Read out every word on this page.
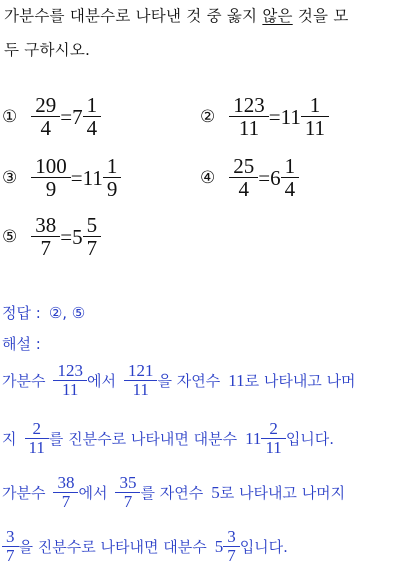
가분수를 대분수로 나타낸 것 중 옳지 않은 것을 모
두 구하시오.
① $\frac{29}{4} = 7 \frac{1}{4}$	② $\frac{123}{11} = 11 \frac{1}{11}$
③ $\frac{100}{9} = 11 \frac{1}{9}$	④ $\frac{25}{4} = 6 \frac{1}{4}$
⑤ $\frac{38}{7} = 5 \frac{5}{7}$
정답 : ②, ⑤
해설 :
가분수 $\frac{123}{11}$ 에서 $\frac{121}{11}$ 을 자연수 11 로 나타내고 나머
지 $\frac{2}{11}$ 를 진분수로 나타내면 대분수 $11 \frac{2}{11}$ 입니다.
가분수 $\frac{38}{7}$ 에서 $\frac{35}{7}$ 를 자연수 5 로 나타내고 나머지
$\frac{3}{7}$ 을 진분수로 나타내면 대분수 $5 \frac{3}{7}$ 입니다.
